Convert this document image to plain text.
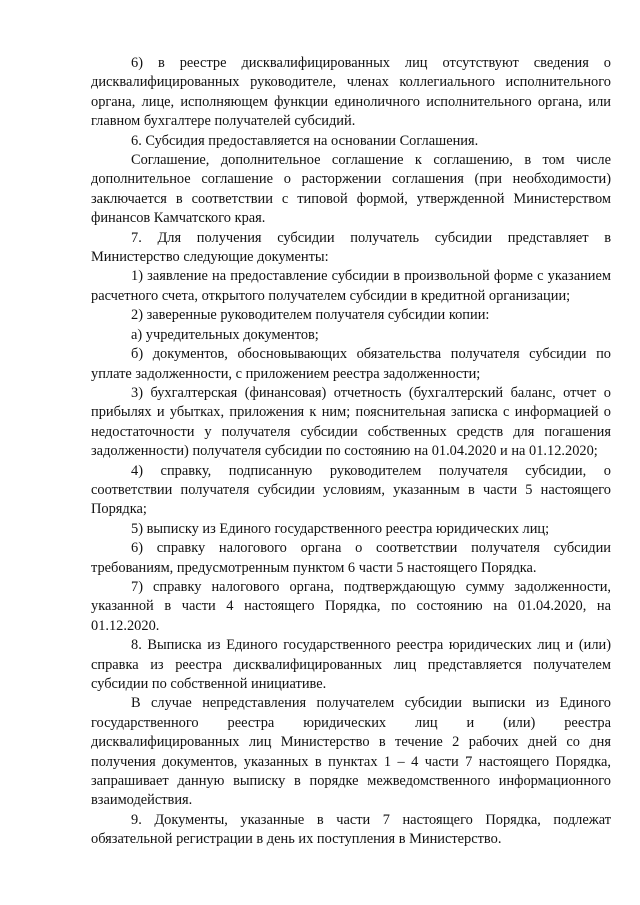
6) в реестре дисквалифицированных лиц отсутствуют сведения о дисквалифицированных руководителе, членах коллегиального исполнительного органа, лице, исполняющем функции единоличного исполнительного органа, или главном бухгалтере получателей субсидий.

6. Субсидия предоставляется на основании Соглашения.

Соглашение, дополнительное соглашение к соглашению, в том числе дополнительное соглашение о расторжении соглашения (при необходимости) заключается в соответствии с типовой формой, утвержденной Министерством финансов Камчатского края.

7. Для получения субсидии получатель субсидии представляет в Министерство следующие документы:

1) заявление на предоставление субсидии в произвольной форме с указанием расчетного счета, открытого получателем субсидии в кредитной организации;

2) заверенные руководителем получателя субсидии копии:

а) учредительных документов;

б) документов, обосновывающих обязательства получателя субсидии по уплате задолженности, с приложением реестра задолженности;

3) бухгалтерская (финансовая) отчетность (бухгалтерский баланс, отчет о прибылях и убытках, приложения к ним; пояснительная записка с информацией о недостаточности у получателя субсидии собственных средств для погашения задолженности) получателя субсидии по состоянию на 01.04.2020 и на 01.12.2020;

4) справку, подписанную руководителем получателя субсидии, о соответствии получателя субсидии условиям, указанным в части 5 настоящего Порядка;

5) выписку из Единого государственного реестра юридических лиц;

6) справку налогового органа о соответствии получателя субсидии требованиям, предусмотренным пунктом 6 части 5 настоящего Порядка.

7) справку налогового органа, подтверждающую сумму задолженности, указанной в части 4 настоящего Порядка, по состоянию на 01.04.2020, на 01.12.2020.

8. Выписка из Единого государственного реестра юридических лиц и (или) справка из реестра дисквалифицированных лиц представляется получателем субсидии по собственной инициативе.

В случае непредставления получателем субсидии выписки из Единого государственного реестра юридических лиц и (или) реестра дисквалифицированных лиц Министерство в течение 2 рабочих дней со дня получения документов, указанных в пунктах 1 – 4 части 7 настоящего Порядка, запрашивает данную выписку в порядке межведомственного информационного взаимодействия.

9. Документы, указанные в части 7 настоящего Порядка, подлежат обязательной регистрации в день их поступления в Министерство.
